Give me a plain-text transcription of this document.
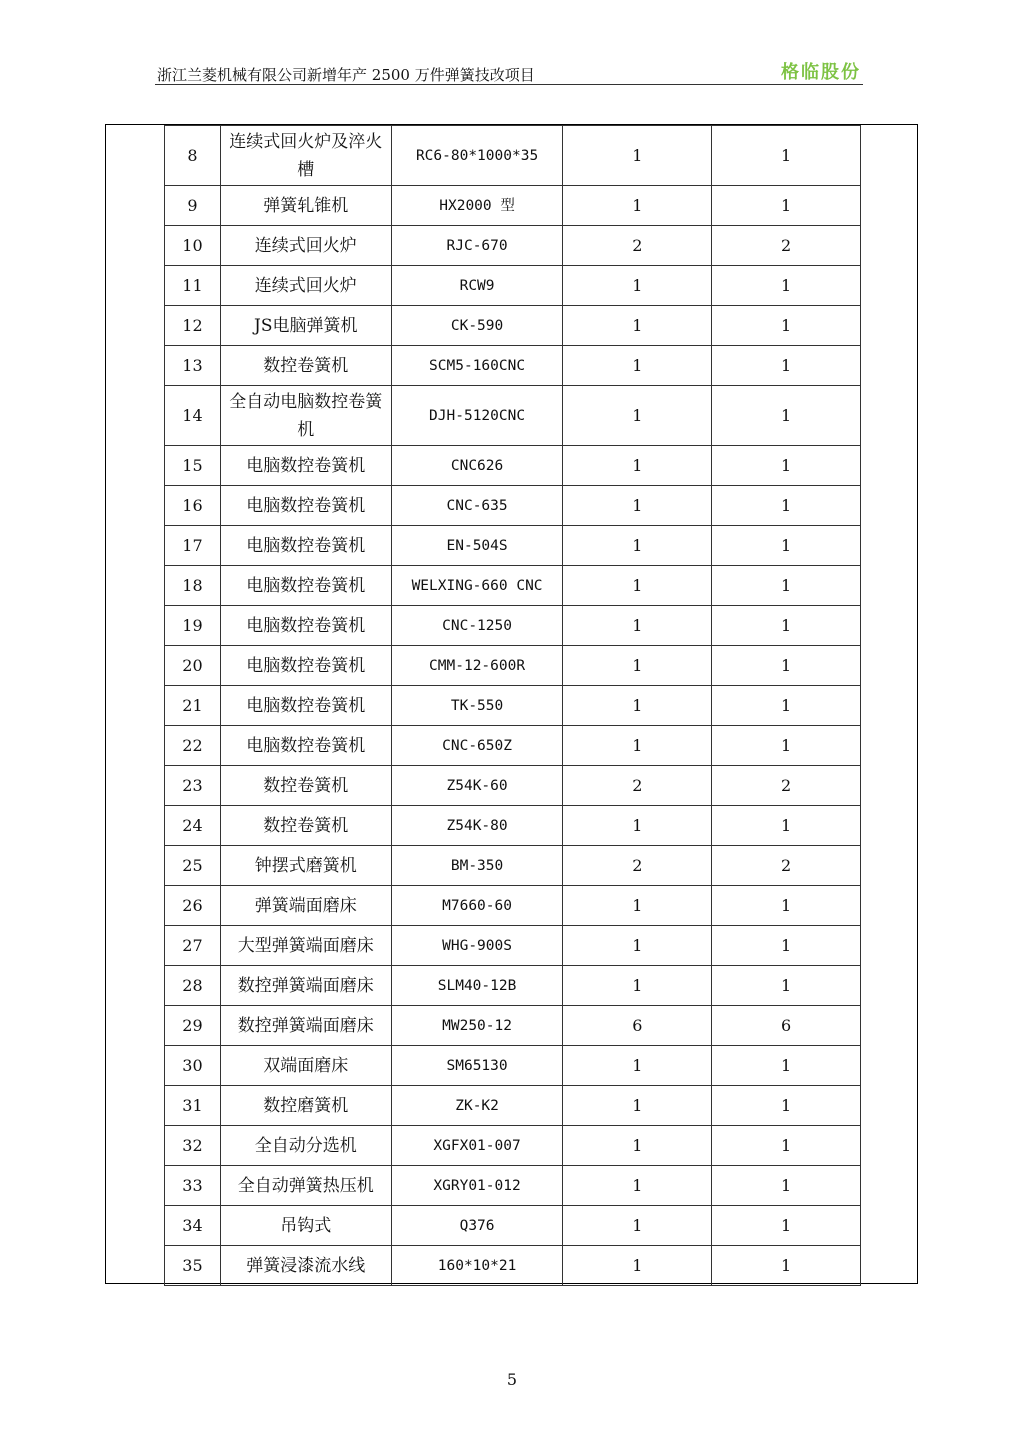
浙江兰菱机械有限公司新增年产 2500 万件弹簧技改项目	格临股份
8	连续式回火炉及淬火槽	RC6-80*1000*35	1	1
9	弹簧轧锥机	HX2000 型	1	1
10	连续式回火炉	RJC-670	2	2
11	连续式回火炉	RCW9	1	1
12	JS电脑弹簧机	CK-590	1	1
13	数控卷簧机	SCM5-160CNC	1	1
14	全自动电脑数控卷簧机	DJH-5120CNC	1	1
15	电脑数控卷簧机	CNC626	1	1
16	电脑数控卷簧机	CNC-635	1	1
17	电脑数控卷簧机	EN-504S	1	1
18	电脑数控卷簧机	WELXING-660 CNC	1	1
19	电脑数控卷簧机	CNC-1250	1	1
20	电脑数控卷簧机	CMM-12-600R	1	1
21	电脑数控卷簧机	TK-550	1	1
22	电脑数控卷簧机	CNC-650Z	1	1
23	数控卷簧机	Z54K-60	2	2
24	数控卷簧机	Z54K-80	1	1
25	钟摆式磨簧机	BM-350	2	2
26	弹簧端面磨床	M7660-60	1	1
27	大型弹簧端面磨床	WHG-900S	1	1
28	数控弹簧端面磨床	SLM40-12B	1	1
29	数控弹簧端面磨床	MW250-12	6	6
30	双端面磨床	SM65130	1	1
31	数控磨簧机	ZK-K2	1	1
32	全自动分选机	XGFX01-007	1	1
33	全自动弹簧热压机	XGRY01-012	1	1
34	吊钩式	Q376	1	1
35	弹簧浸漆流水线	160*10*21	1	1
5
